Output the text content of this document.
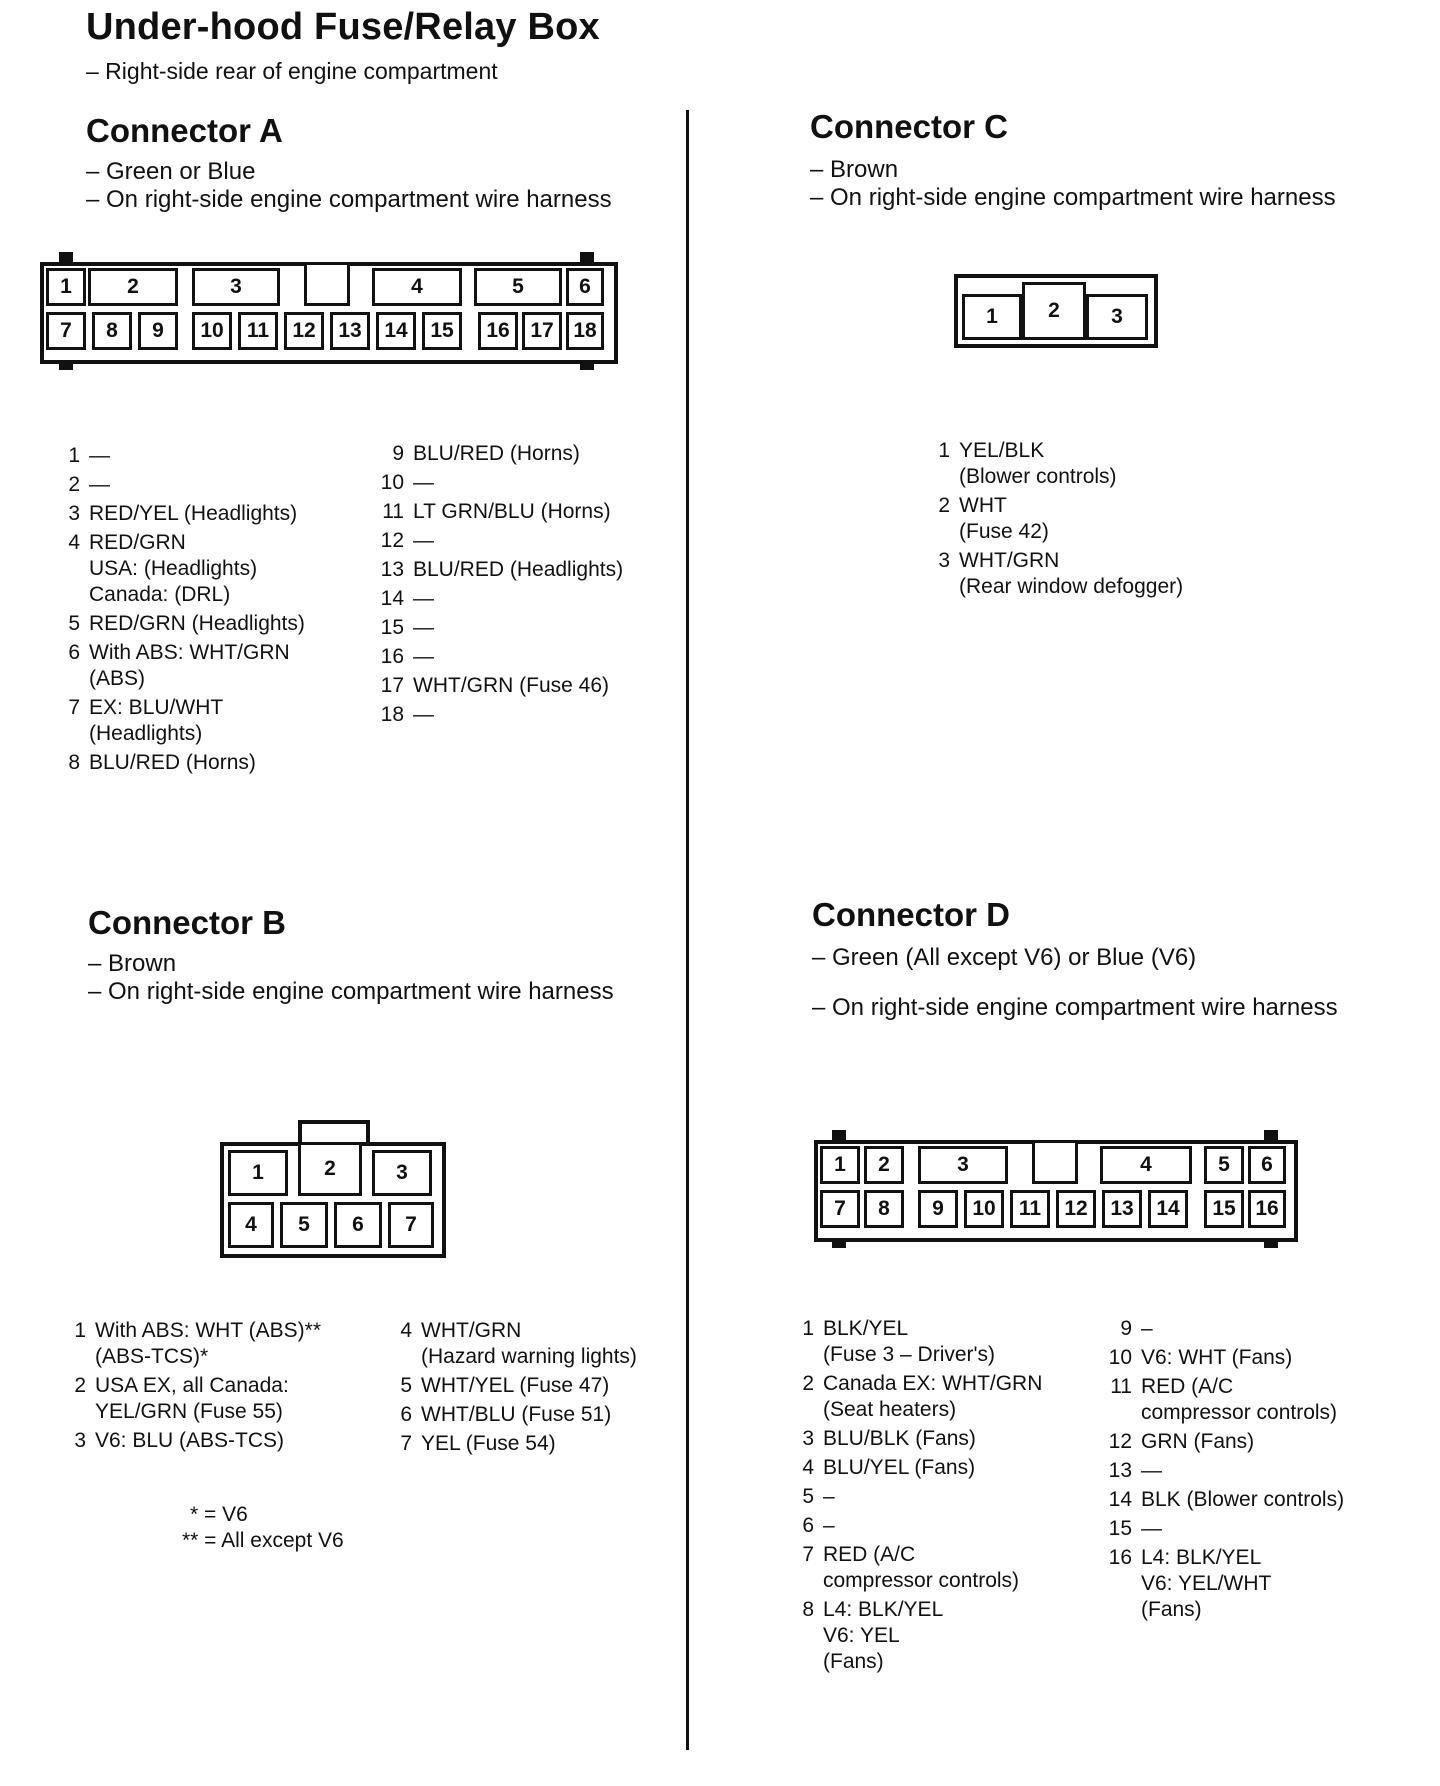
Under-hood Fuse/Relay Box
– Right-side rear of engine compartment
Connector A
– Green or Blue
– On right-side engine compartment wire harness
1	2	3	4	5	6
7	8	9	10	11	12	13	14	15	16 17 18
1 —
2 —
3 RED/YEL (Headlights)
4 RED/GRN
USA: (Headlights)
Canada: (DRL)
5 RED/GRN (Headlights)
6 With ABS: WHT/GRN
(ABS)
7 EX: BLU/WHT
(Headlights)
8 BLU/RED (Horns)
9 BLU/RED (Horns)
10 —
11 LT GRN/BLU (Horns)
12 —
13 BLU/RED (Headlights)
14 —
15 —
16 —
17 WHT/GRN (Fuse 46)
18 —
Connector B
– Brown
– On right-side engine compartment wire harness
1	2	3
4	5	6	7
1 With ABS: WHT (ABS)**
(ABS-TCS)*
2 USA EX, all Canada:
YEL/GRN (Fuse 55)
3 V6: BLU (ABS-TCS)
4 WHT/GRN
(Hazard warning lights)
5 WHT/YEL (Fuse 47)
6 WHT/BLU (Fuse 51)
7 YEL (Fuse 54)
* = V6
** = All except V6
Connector C
– Brown
– On right-side engine compartment wire harness
1	2	3
1 YEL/BLK
(Blower controls)
2 WHT
(Fuse 42)
3 WHT/GRN
(Rear window defogger)
Connector D
– Green (All except V6) or Blue (V6)
– On right-side engine compartment wire harness
1	2	3	4	5	6
7	8	9	10	11	12	13	14	15 16
1 BLK/YEL
(Fuse 3 – Driver's)
2 Canada EX: WHT/GRN
(Seat heaters)
3 BLU/BLK (Fans)
4 BLU/YEL (Fans)
5 –
6 –
7 RED (A/C
compressor controls)
8 L4: BLK/YEL
V6: YEL
(Fans)
9 –
10 V6: WHT (Fans)
11 RED (A/C
compressor controls)
12 GRN (Fans)
13 —
14 BLK (Blower controls)
15 —
16 L4: BLK/YEL
V6: YEL/WHT
(Fans)
